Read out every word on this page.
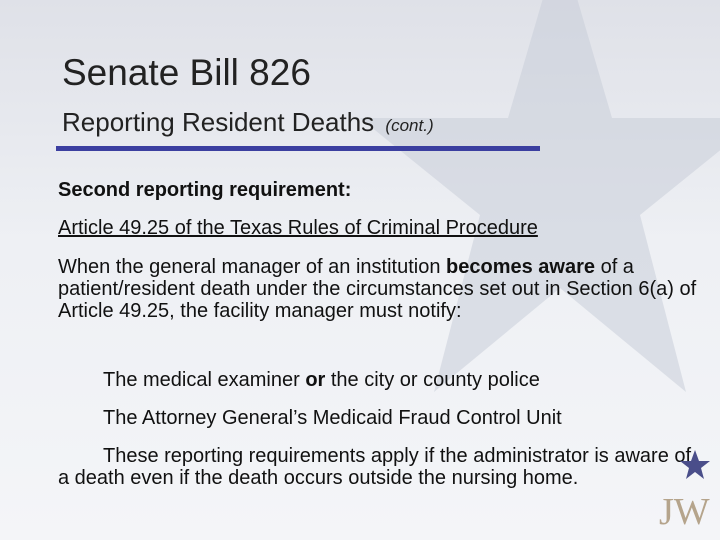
Senate Bill 826
Reporting Resident Deaths (cont.)
Second reporting requirement:
Article 49.25 of the Texas Rules of Criminal Procedure
When the general manager of an institution becomes aware of a patient/resident death under the circumstances set out in Section 6(a) of Article 49.25, the facility manager must notify:
The medical examiner or the city or county police
The Attorney General’s Medicaid Fraud Control Unit
These reporting requirements apply if the administrator is aware of a death even if the death occurs outside the nursing home.
JW
